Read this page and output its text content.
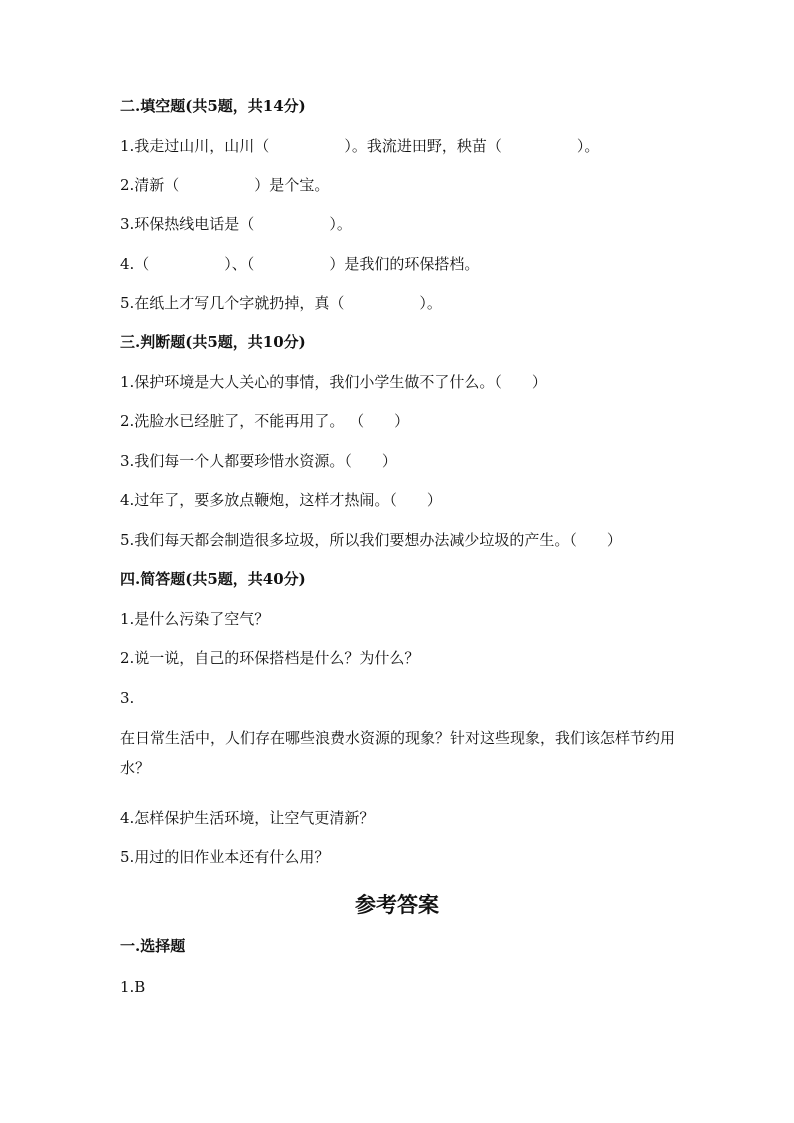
二.填空题(共5题，共14分)
1.我走过山川，山川（　　　　　）。我流进田野，秧苗（　　　　　）。
2.清新（　　　　　）是个宝。
3.环保热线电话是（　　　　　）。
4.（　　　　　）、（　　　　　）是我们的环保搭档。
5.在纸上才写几个字就扔掉，真（　　　　　）。
三.判断题(共5题，共10分)
1.保护环境是大人关心的事情，我们小学生做不了什么。（　　）
2.洗脸水已经脏了，不能再用了。 （　　）
3.我们每一个人都要珍惜水资源。（　　）
4.过年了，要多放点鞭炮，这样才热闹。（　　）
5.我们每天都会制造很多垃圾，所以我们要想办法减少垃圾的产生。（　　）
四.简答题(共5题，共40分)
1.是什么污染了空气？
2.说一说，自己的环保搭档是什么？为什么？
3.
在日常生活中，人们存在哪些浪费水资源的现象？针对这些现象，我们该怎样节约用水？
4.怎样保护生活环境，让空气更清新？
5.用过的旧作业本还有什么用？
参考答案
一.选择题
1.B
